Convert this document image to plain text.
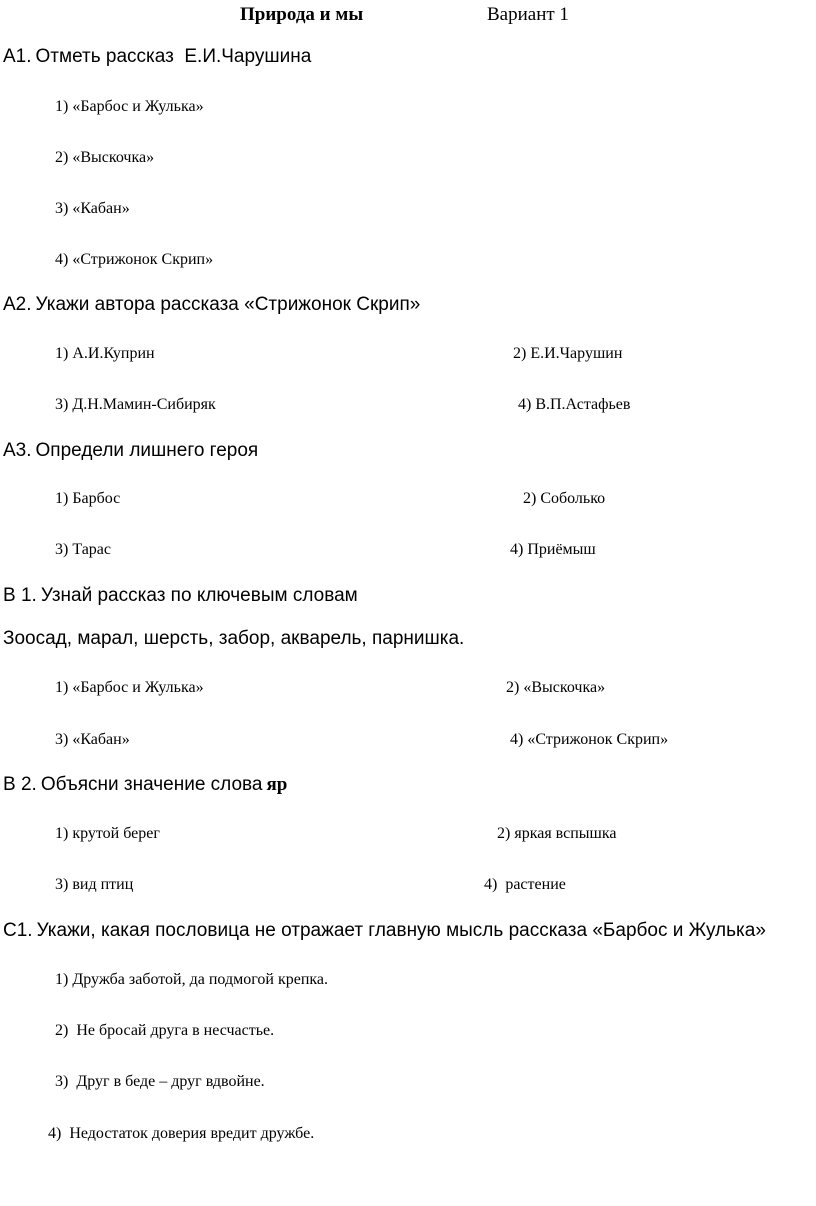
Природа и мы	Вариант 1
А1. Отметь рассказ  Е.И.Чарушина
1) «Барбос и Жулька»
2) «Выскочка»
3) «Кабан»
4) «Стрижонок Скрип»
А2. Укажи автора рассказа «Стрижонок Скрип»
1) А.И.Куприн	2) Е.И.Чарушин
3) Д.Н.Мамин-Сибиряк	4) В.П.Астафьев
А3. Определи лишнего героя
1) Барбос	2) Соболько
3) Тарас	4) Приёмыш
В 1. Узнай рассказ по ключевым словам
Зоосад, марал, шерсть, забор, акварель, парнишка.
1) «Барбос и Жулька»	2) «Выскочка»
3) «Кабан»	4) «Стрижонок Скрип»
В 2. Объясни значение слова яр
1) крутой берег	2) яркая вспышка
3) вид птиц	4) растение
С1. Укажи, какая пословица не отражает главную мысль рассказа «Барбос и Жулька»
1) Дружба заботой, да подмогой крепка.
2) Не бросай друга в несчастье.
3) Друг в беде – друг вдвойне.
4) Недостаток доверия вредит дружбе.
